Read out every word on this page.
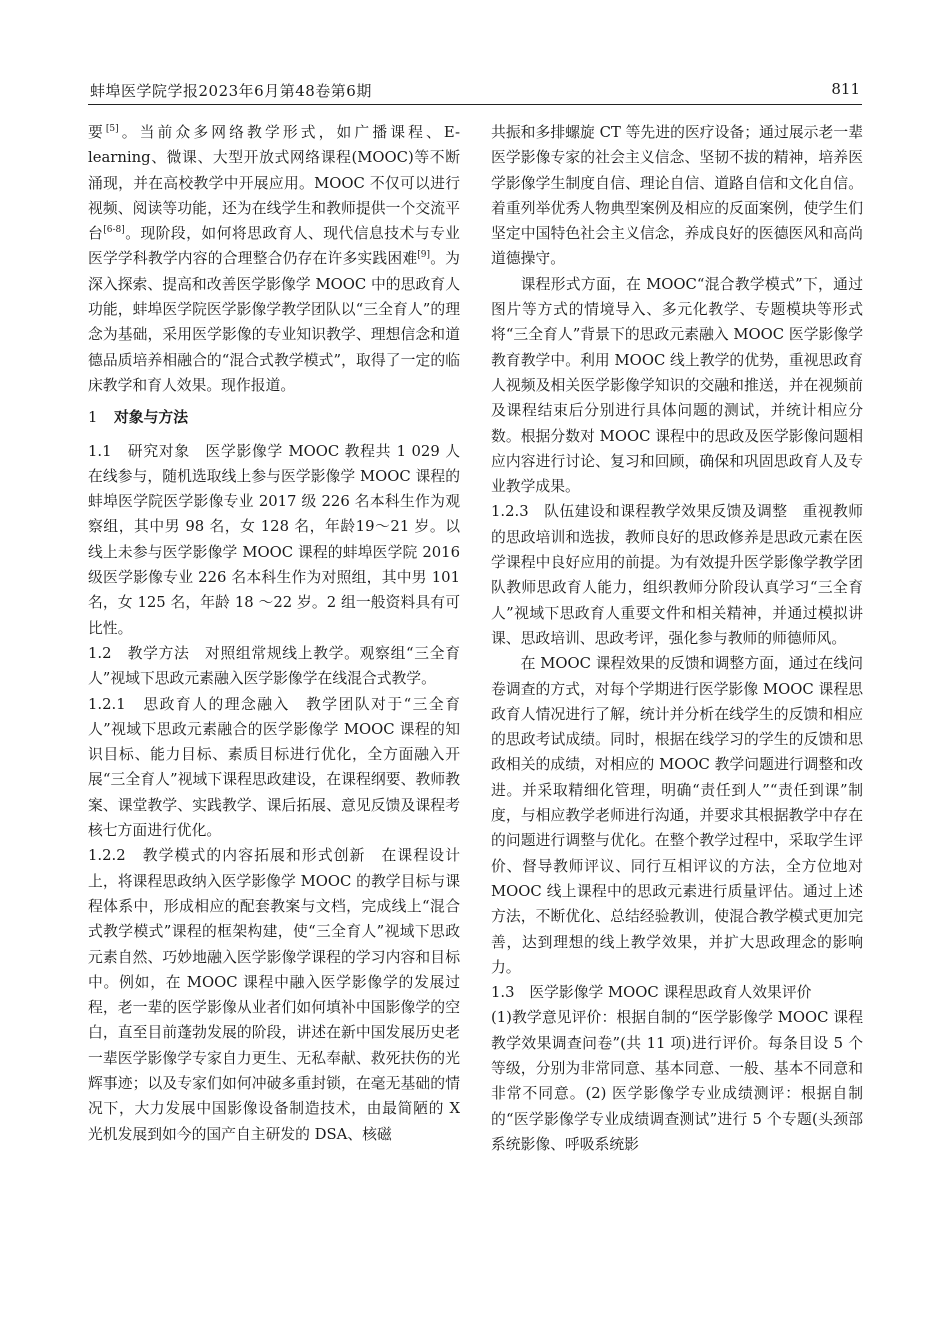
蚌埠医学院学报2023年6月第48卷第6期	811

要[5]。当前众多网络教学形式，如广播课程、E-learning、微课、大型开放式网络课程(MOOC)等不断涌现，并在高校教学中开展应用。MOOC 不仅可以进行视频、阅读等功能，还为在线学生和教师提供一个交流平台[6-8]。现阶段，如何将思政育人、现代信息技术与专业医学学科教学内容的合理整合仍存在许多实践困难[9]。为深入探索、提高和改善医学影像学 MOOC 中的思政育人功能，蚌埠医学院医学影像学教学团队以“三全育人”的理念为基础，采用医学影像的专业知识教学、理想信念和道德品质培养相融合的“混合式教学模式”，取得了一定的临床教学和育人效果。现作报道。

1 对象与方法

1.1　研究对象　医学影像学 MOOC 教程共 1 029 人在线参与，随机选取线上参与医学影像学 MOOC 课程的蚌埠医学院医学影像专业 2017 级 226 名本科生作为观察组，其中男 98 名，女 128 名，年龄19～21 岁。以线上未参与医学影像学 MOOC 课程的蚌埠医学院 2016 级医学影像专业 226 名本科生作为对照组，其中男 101 名，女 125 名，年龄 18 ～22 岁。2 组一般资料具有可比性。

1.2　教学方法　对照组常规线上教学。观察组“三全育人”视域下思政元素融入医学影像学在线混合式教学。

1.2.1　思政育人的理念融入　教学团队对于“三全育人”视域下思政元素融合的医学影像学 MOOC 课程的知识目标、能力目标、素质目标进行优化，全方面融入开展“三全育人”视域下课程思政建设，在课程纲要、教师教案、课堂教学、实践教学、课后拓展、意见反馈及课程考核七方面进行优化。

1.2.2　教学模式的内容拓展和形式创新　在课程设计上，将课程思政纳入医学影像学 MOOC 的教学目标与课程体系中，形成相应的配套教案与文档，完成线上“混合式教学模式”课程的框架构建，使“三全育人”视域下思政元素自然、巧妙地融入医学影像学课程的学习内容和目标中。例如，在 MOOC 课程中融入医学影像学的发展过程，老一辈的医学影像从业者们如何填补中国影像学的空白，直至目前蓬勃发展的阶段，讲述在新中国发展历史老一辈医学影像学专家自力更生、无私奉献、救死扶伤的光辉事迹；以及专家们如何冲破多重封锁，在毫无基础的情况下，大力发展中国影像设备制造技术，由最简陋的 X 光机发展到如今的国产自主研发的 DSA、核磁

共振和多排螺旋 CT 等先进的医疗设备；通过展示老一辈医学影像专家的社会主义信念、坚韧不拔的精神，培养医学影像学生制度自信、理论自信、道路自信和文化自信。着重列举优秀人物典型案例及相应的反面案例，使学生们坚定中国特色社会主义信念，养成良好的医德医风和高尚道德操守。

课程形式方面，在 MOOC“混合教学模式”下，通过图片等方式的情境导入、多元化教学、专题模块等形式将“三全育人”背景下的思政元素融入 MOOC 医学影像学教育教学中。利用 MOOC 线上教学的优势，重视思政育人视频及相关医学影像学知识的交融和推送，并在视频前及课程结束后分别进行具体问题的测试，并统计相应分数。根据分数对 MOOC 课程中的思政及医学影像问题相应内容进行讨论、复习和回顾，确保和巩固思政育人及专业教学成果。

1.2.3　队伍建设和课程教学效果反馈及调整　重视教师的思政培训和选拔，教师良好的思政修养是思政元素在医学课程中良好应用的前提。为有效提升医学影像学教学团队教师思政育人能力，组织教师分阶段认真学习“三全育人”视域下思政育人重要文件和相关精神，并通过模拟讲课、思政培训、思政考评，强化参与教师的师德师风。

在 MOOC 课程效果的反馈和调整方面，通过在线问卷调查的方式，对每个学期进行医学影像 MOOC 课程思政育人情况进行了解，统计并分析在线学生的反馈和相应的思政考试成绩。同时，根据在线学习的学生的反馈和思政相关的成绩，对相应的 MOOC 教学问题进行调整和改进。并采取精细化管理，明确“责任到人”“责任到课”制度，与相应教学老师进行沟通，并要求其根据教学中存在的问题进行调整与优化。在整个教学过程中，采取学生评价、督导教师评议、同行互相评议的方法，全方位地对 MOOC 线上课程中的思政元素进行质量评估。通过上述方法，不断优化、总结经验教训，使混合教学模式更加完善，达到理想的线上教学效果，并扩大思政理念的影响力。

1.3　医学影像学 MOOC 课程思政育人效果评价

(1)教学意见评价：根据自制的“医学影像学 MOOC 课程教学效果调查问卷”(共 11 项)进行评价。每条目设 5 个等级，分别为非常同意、基本同意、一般、基本不同意和非常不同意。(2) 医学影像学专业成绩测评：根据自制的“医学影像学专业成绩调查测试”进行 5 个专题(头颈部系统影像、呼吸系统影
